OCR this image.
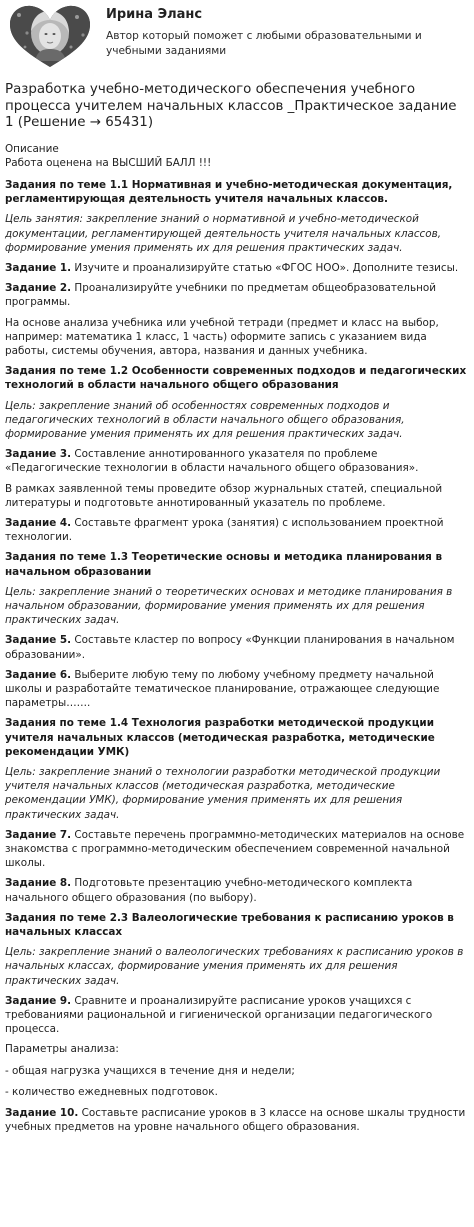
Ирина Эланс
Автор который поможет с любыми образовательными и учебными заданиями
Разработка учебно-методического обеспечения учебного процесса учителем начальных классов _Практическое задание 1 (Решение → 65431)
Описание
Работа оценена на ВЫСШИЙ БАЛЛ !!!
Задания по теме 1.1 Нормативная и учебно-методическая документация, регламентирующая деятельность учителя начальных классов.
Цель занятия: закрепление знаний о нормативной и учебно-методической документации, регламентирующей деятельность учителя начальных классов, формирование умения применять их для решения практических задач.
Задание 1. Изучите и проанализируйте статью «ФГОС НОО». Дополните тезисы.
Задание 2. Проанализируйте учебники по предметам общеобразовательной программы.
На основе анализа учебника или учебной тетради (предмет и класс на выбор, например: математика 1 класс, 1 часть) оформите запись с указанием вида работы, системы обучения, автора, названия и данных учебника.
Задания по теме 1.2 Особенности современных подходов и педагогических технологий в области начального общего образования
Цель: закрепление знаний об особенностях современных подходов и педагогических технологий в области начального общего образования, формирование умения применять их для решения практических задач.
Задание 3. Составление аннотированного указателя по проблеме «Педагогические технологии в области начального общего образования».
В рамках заявленной темы проведите обзор журнальных статей, специальной литературы и подготовьте аннотированный указатель по проблеме.
Задание 4. Составьте фрагмент урока (занятия) с использованием проектной технологии.
Задания по теме 1.3 Теоретические основы и методика планирования в начальном образовании
Цель: закрепление знаний о теоретических основах и методике планирования в начальном образовании, формирование умения применять их для решения практических задач.
Задание 5. Составьте кластер по вопросу «Функции планирования в начальном образовании».
Задание 6. Выберите любую тему по любому учебному предмету начальной школы и разработайте тематическое планирование, отражающее следующие параметры…….
Задания по теме 1.4 Технология разработки методической продукции учителя начальных классов (методическая разработка, методические рекомендации УМК)
Цель: закрепление знаний о технологии разработки методической продукции учителя начальных классов (методическая разработка, методические рекомендации УМК), формирование умения применять их для решения практических задач.
Задание 7. Составьте перечень программно-методических материалов на основе знакомства с программно-методическим обеспечением современной начальной школы.
Задание 8. Подготовьте презентацию учебно-методического комплекта начального общего образования (по выбору).
Задания по теме 2.3 Валеологические требования к расписанию уроков в начальных классах
Цель: закрепление знаний о валеологических требованиях к расписанию уроков в начальных классах, формирование умения применять их для решения практических задач.
Задание 9. Сравните и проанализируйте расписание уроков учащихся с требованиями рациональной и гигиенической организации педагогического процесса.
Параметры анализа:
- общая нагрузка учащихся в течение дня и недели;
- количество ежедневных подготовок.
Задание 10. Составьте расписание уроков в 3 классе на основе шкалы трудности учебных предметов на уровне начального общего образования.
